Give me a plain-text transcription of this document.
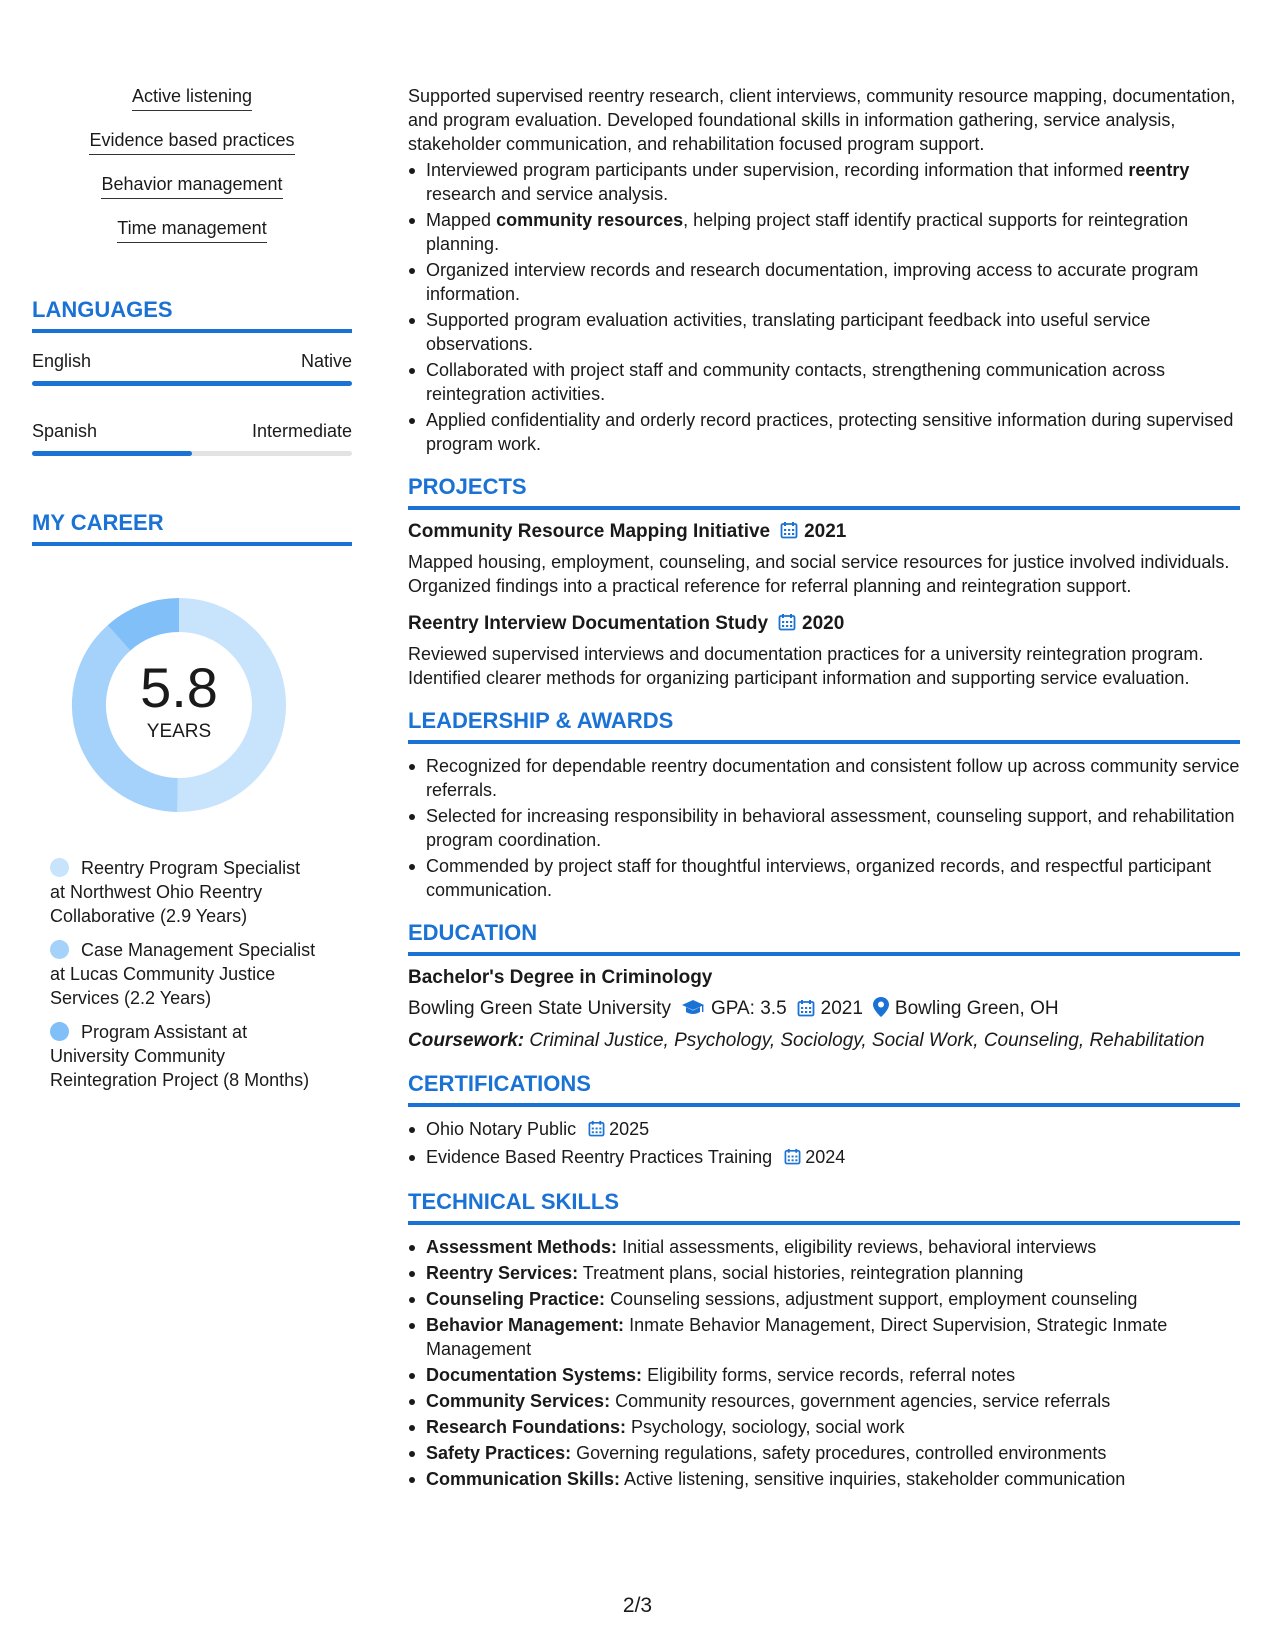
Active listening
Evidence based practices
Behavior management
Time management
LANGUAGES
English	Native
Spanish	Intermediate
MY CAREER
5.8
YEARS
Reentry Program Specialist at Northwest Ohio Reentry Collaborative (2.9 Years)
Case Management Specialist at Lucas Community Justice Services (2.2 Years)
Program Assistant at University Community Reintegration Project (8 Months)
Supported supervised reentry research, client interviews, community resource mapping, documentation, and program evaluation. Developed foundational skills in information gathering, service analysis, stakeholder communication, and rehabilitation focused program support.
Interviewed program participants under supervision, recording information that informed reentry research and service analysis.
Mapped community resources, helping project staff identify practical supports for reintegration planning.
Organized interview records and research documentation, improving access to accurate program information.
Supported program evaluation activities, translating participant feedback into useful service observations.
Collaborated with project staff and community contacts, strengthening communication across reintegration activities.
Applied confidentiality and orderly record practices, protecting sensitive information during supervised program work.
PROJECTS
Community Resource Mapping Initiative 2021
Mapped housing, employment, counseling, and social service resources for justice involved individuals. Organized findings into a practical reference for referral planning and reintegration support.
Reentry Interview Documentation Study 2020
Reviewed supervised interviews and documentation practices for a university reintegration program. Identified clearer methods for organizing participant information and supporting service evaluation.
LEADERSHIP & AWARDS
Recognized for dependable reentry documentation and consistent follow up across community service referrals.
Selected for increasing responsibility in behavioral assessment, counseling support, and rehabilitation program coordination.
Commended by project staff for thoughtful interviews, organized records, and respectful participant communication.
EDUCATION
Bachelor's Degree in Criminology
Bowling Green State University GPA: 3.5 2021 Bowling Green, OH
Coursework: Criminal Justice, Psychology, Sociology, Social Work, Counseling, Rehabilitation
CERTIFICATIONS
Ohio Notary Public 2025
Evidence Based Reentry Practices Training 2024
TECHNICAL SKILLS
Assessment Methods: Initial assessments, eligibility reviews, behavioral interviews
Reentry Services: Treatment plans, social histories, reintegration planning
Counseling Practice: Counseling sessions, adjustment support, employment counseling
Behavior Management: Inmate Behavior Management, Direct Supervision, Strategic Inmate Management
Documentation Systems: Eligibility forms, service records, referral notes
Community Services: Community resources, government agencies, service referrals
Research Foundations: Psychology, sociology, social work
Safety Practices: Governing regulations, safety procedures, controlled environments
Communication Skills: Active listening, sensitive inquiries, stakeholder communication
2/3
